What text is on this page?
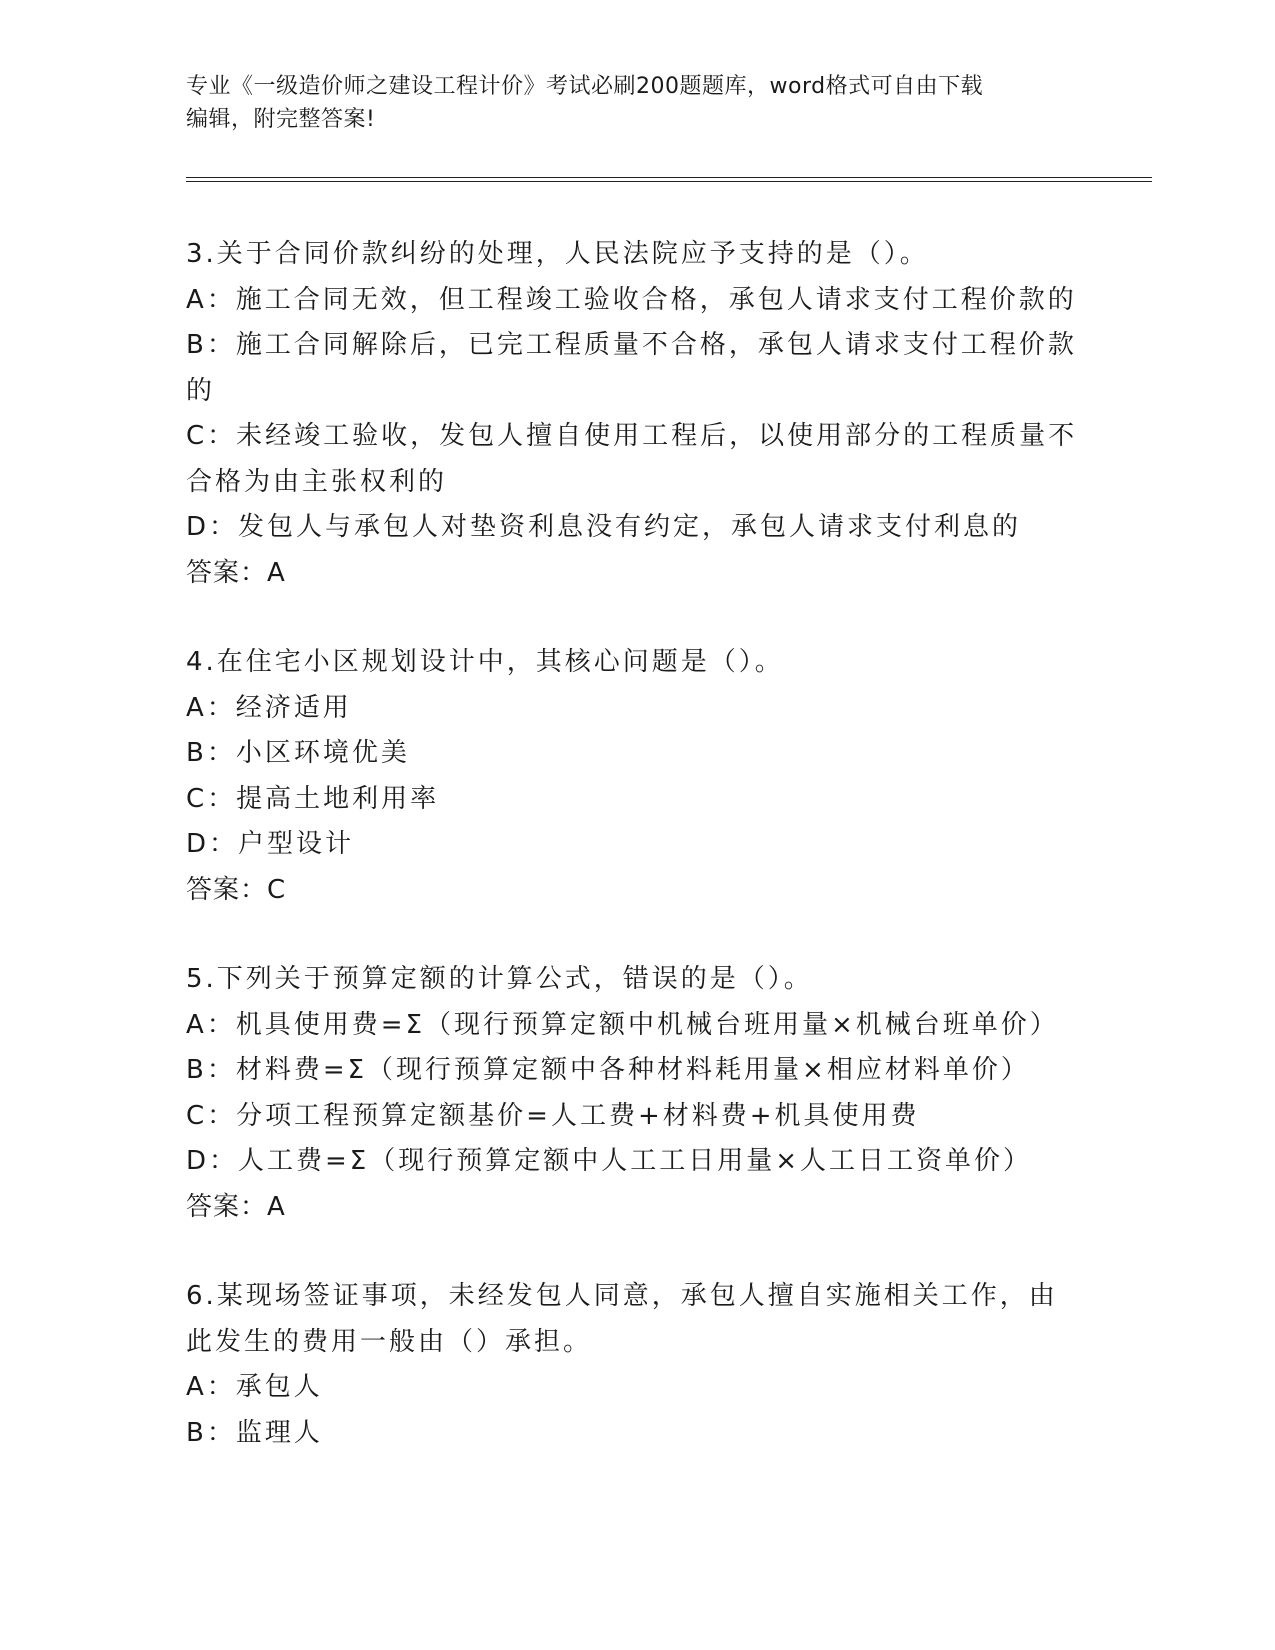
专业《一级造价师之建设工程计价》考试必刷200题题库，word格式可自由下载
编辑，附完整答案!
3.关于合同价款纠纷的处理，人民法院应予支持的是（）。
A：施工合同无效，但工程竣工验收合格，承包人请求支付工程价款的
B：施工合同解除后，已完工程质量不合格，承包人请求支付工程价款
的
C：未经竣工验收，发包人擅自使用工程后，以使用部分的工程质量不
合格为由主张权利的
D：发包人与承包人对垫资利息没有约定，承包人请求支付利息的
答案：A
4.在住宅小区规划设计中，其核心问题是（）。
A：经济适用
B：小区环境优美
C：提高土地利用率
D：户型设计
答案：C
5.下列关于预算定额的计算公式，错误的是（）。
A：机具使用费=Σ（现行预算定额中机械台班用量×机械台班单价）
B：材料费=Σ（现行预算定额中各种材料耗用量×相应材料单价）
C：分项工程预算定额基价=人工费+材料费+机具使用费
D：人工费=Σ（现行预算定额中人工工日用量×人工日工资单价）
答案：A
6.某现场签证事项，未经发包人同意，承包人擅自实施相关工作，由
此发生的费用一般由（）承担。
A：承包人
B：监理人
